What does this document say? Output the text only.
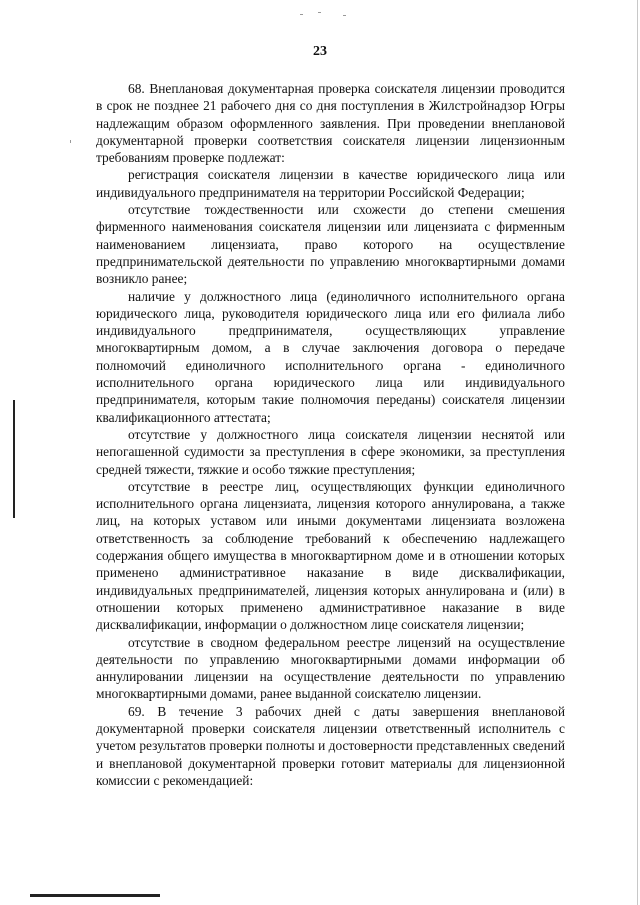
23

68. Внеплановая документарная проверка соискателя лицензии проводится в срок не позднее 21 рабочего дня со дня поступления в Жилстройнадзор Югры надлежащим образом оформленного заявления. При проведении внеплановой документарной проверки соответствия соискателя лицензии лицензионным требованиям проверке подлежат:

регистрация соискателя лицензии в качестве юридического лица или индивидуального предпринимателя на территории Российской Федерации;

отсутствие тождественности или схожести до степени смешения фирменного наименования соискателя лицензии или лицензиата с фирменным наименованием лицензиата, право которого на осуществление предпринимательской деятельности по управлению многоквартирными домами возникло ранее;

наличие у должностного лица (единоличного исполнительного органа юридического лица, руководителя юридического лица или его филиала либо индивидуального предпринимателя, осуществляющих управление многоквартирным домом, а в случае заключения договора о передаче полномочий единоличного исполнительного органа - единоличного исполнительного органа юридического лица или индивидуального предпринимателя, которым такие полномочия переданы) соискателя лицензии квалификационного аттестата;

отсутствие у должностного лица соискателя лицензии неснятой или непогашенной судимости за преступления в сфере экономики, за преступления средней тяжести, тяжкие и особо тяжкие преступления;

отсутствие в реестре лиц, осуществляющих функции единоличного исполнительного органа лицензиата, лицензия которого аннулирована, а также лиц, на которых уставом или иными документами лицензиата возложена ответственность за соблюдение требований к обеспечению надлежащего содержания общего имущества в многоквартирном доме и в отношении которых применено административное наказание в виде дисквалификации, индивидуальных предпринимателей, лицензия которых аннулирована и (или) в отношении которых применено административное наказание в виде дисквалификации, информации о должностном лице соискателя лицензии;

отсутствие в сводном федеральном реестре лицензий на осуществление деятельности по управлению многоквартирными домами информации об аннулировании лицензии на осуществление деятельности по управлению многоквартирными домами, ранее выданной соискателю лицензии.

69. В течение 3 рабочих дней с даты завершения внеплановой документарной проверки соискателя лицензии ответственный исполнитель с учетом результатов проверки полноты и достоверности представленных сведений и внеплановой документарной проверки готовит материалы для лицензионной комиссии с рекомендацией:
